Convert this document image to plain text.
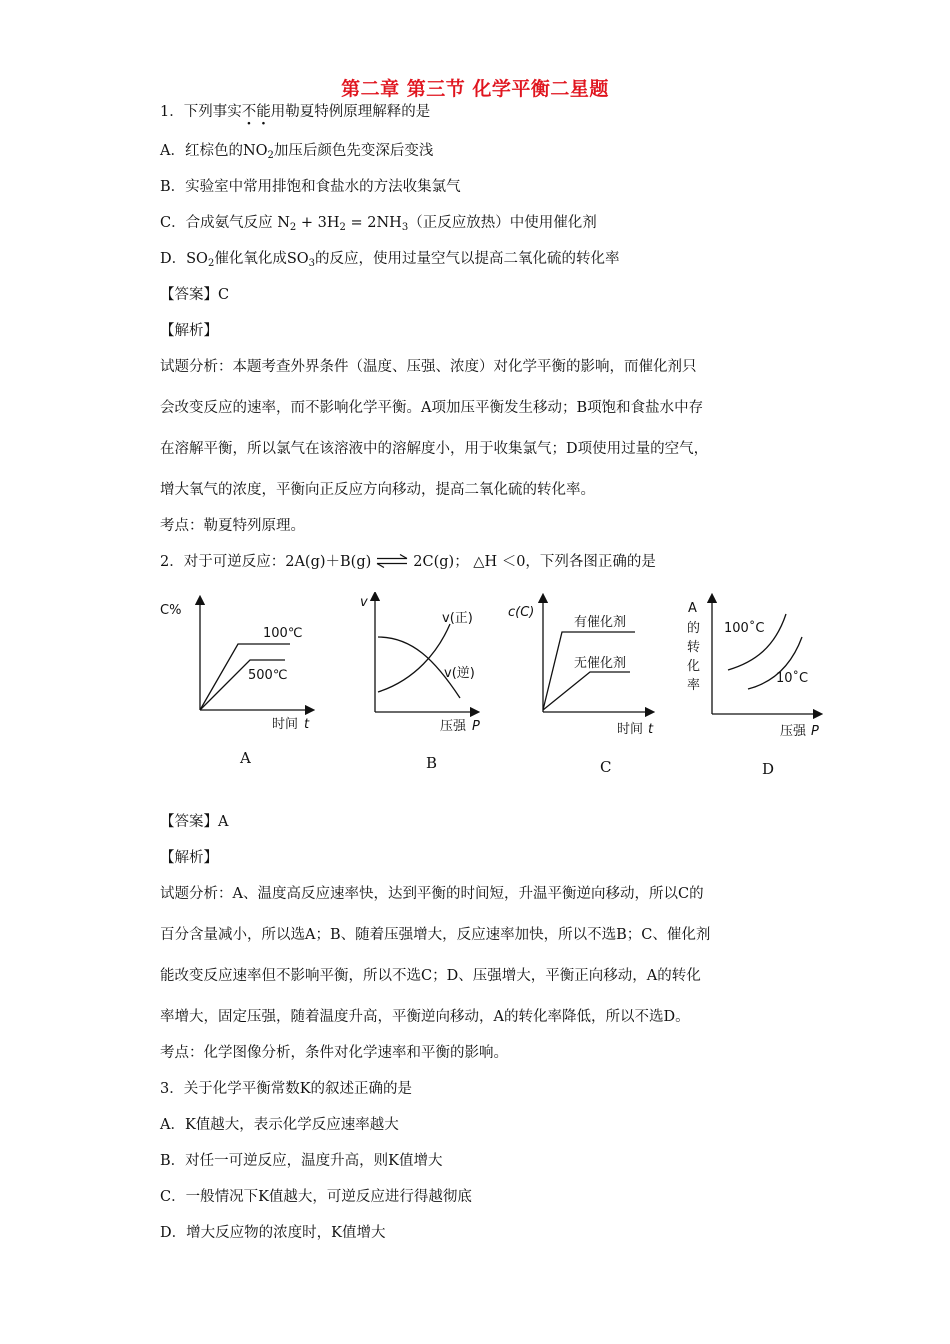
第二章 第三节 化学平衡二星题
1．下列事实不能用勒夏特例原理解释的是
A．红棕色的$NO_2$加压后颜色先变深后变浅
B．实验室中常用排饱和食盐水的方法收集氯气
C．合成氨气反应 $N_2 + 3H_2 = 2NH_3$（正反应放热）中使用催化剂
D．$SO_2$催化氧化成$SO_3$的反应，使用过量空气以提高二氧化硫的转化率
【答案】C
【解析】
试题分析：本题考查外界条件（温度、压强、浓度）对化学平衡的影响，而催化剂只
会改变反应的速率，而不影响化学平衡。A项加压平衡发生移动；B项饱和食盐水中存
在溶解平衡，所以氯气在该溶液中的溶解度小，用于收集氯气；D项使用过量的空气，
增大氧气的浓度，平衡向正反应方向移动，提高二氧化硫的转化率。
考点：勒夏特列原理。
2．对于可逆反应：2A(g)＋B(g) ⇌ 2C(g)； △H ＜0，下列各图正确的是
C%
100℃
500℃
时间 t
A
v
v(正)
v(逆)
压强 P
B
c(C)
有催化剂
无催化剂
时间 t
C
A
的
转
化
率
100˚C
10˚C
压强 P
D
【答案】A
【解析】
试题分析：A、温度高反应速率快，达到平衡的时间短，升温平衡逆向移动，所以C的
百分含量减小，所以选A；B、随着压强增大，反应速率加快，所以不选B；C、催化剂
能改变反应速率但不影响平衡，所以不选C；D、压强增大，平衡正向移动，A的转化
率增大，固定压强，随着温度升高，平衡逆向移动，A的转化率降低，所以不选D。
考点：化学图像分析，条件对化学速率和平衡的影响。
3．关于化学平衡常数K的叙述正确的是
A．K值越大，表示化学反应速率越大
B．对任一可逆反应，温度升高，则K值增大
C．一般情况下K值越大，可逆反应进行得越彻底
D．增大反应物的浓度时，K值增大
